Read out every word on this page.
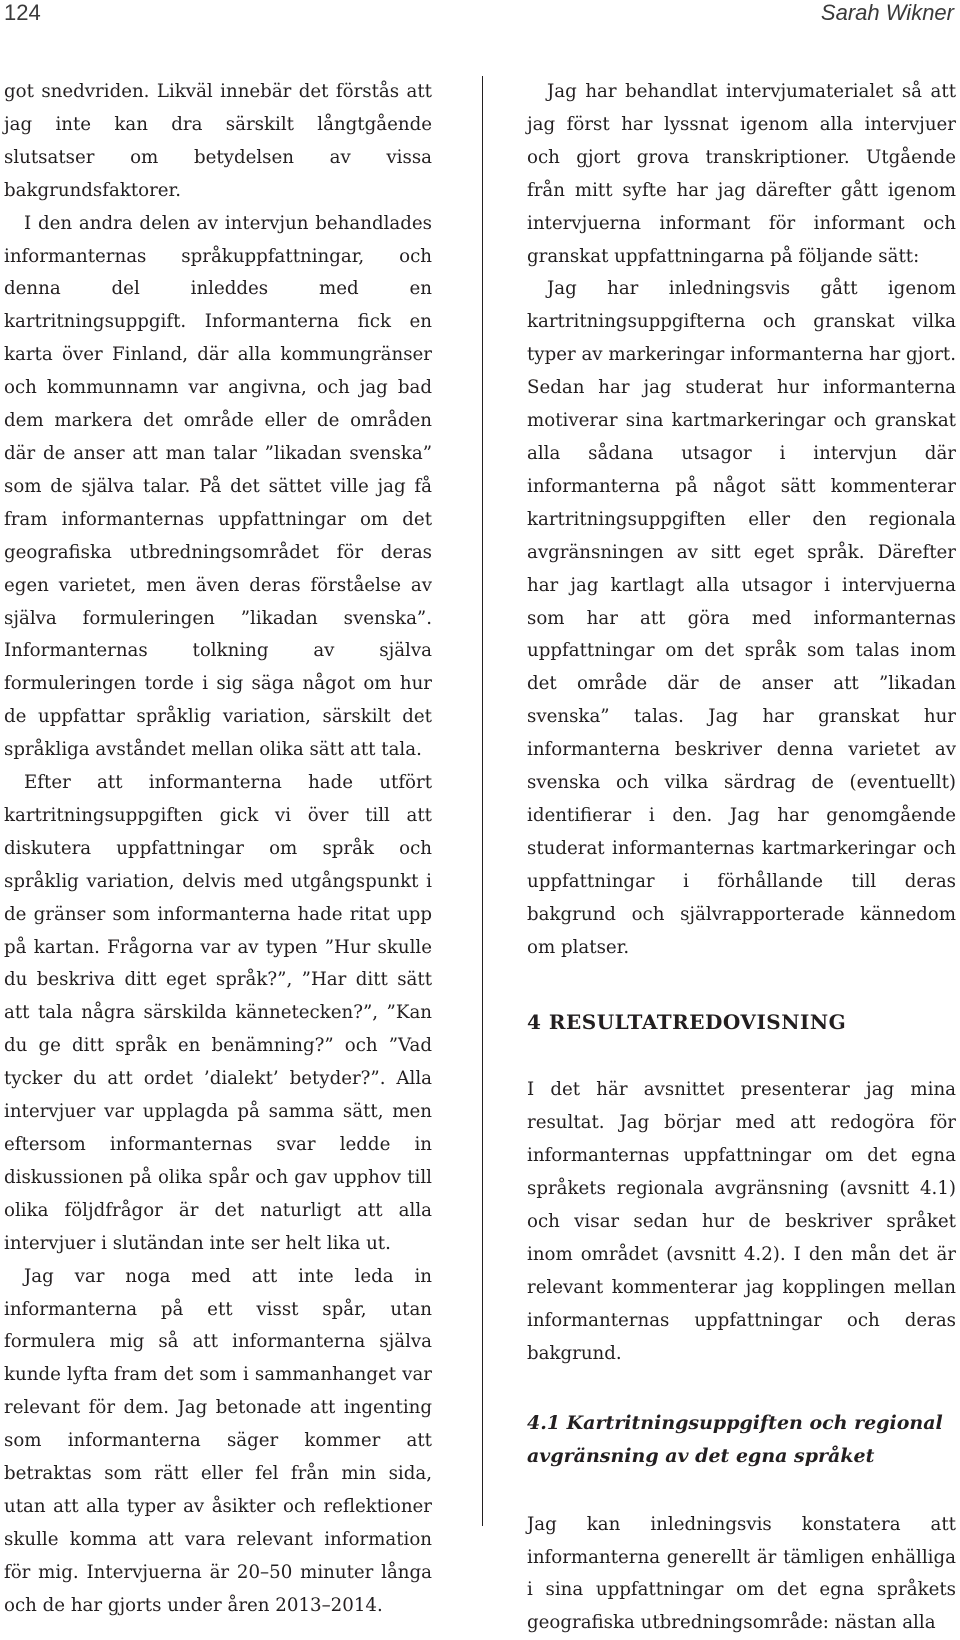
124	Sarah Wikner

got snedvriden. Likväl innebär det förstås att jag inte kan dra särskilt långtgående slutsatser om betydelsen av vissa bakgrundsfaktorer.

I den andra delen av intervjun behandlades informanternas språkuppfattningar, och denna del inleddes med en kartritningsuppgift. Informanterna fick en karta över Finland, där alla kommungränser och kommunnamn var angivna, och jag bad dem markera det område eller de områden där de anser att man talar ”likadan svenska” som de själva talar. På det sättet ville jag få fram informanternas uppfattningar om det geografiska utbredningsområdet för deras egen varietet, men även deras förståelse av själva formuleringen ”likadan svenska”. Informanternas tolkning av själva formuleringen torde i sig säga något om hur de uppfattar språklig variation, särskilt det språkliga avståndet mellan olika sätt att tala.

Efter att informanterna hade utfört kartritningsuppgiften gick vi över till att diskutera uppfattningar om språk och språklig variation, delvis med utgångspunkt i de gränser som informanterna hade ritat upp på kartan. Frågorna var av typen ”Hur skulle du beskriva ditt eget språk?”, ”Har ditt sätt att tala några särskilda kännetecken?”, ”Kan du ge ditt språk en benämning?” och ”Vad tycker du att ordet ’dialekt’ betyder?”. Alla intervjuer var upplagda på samma sätt, men eftersom informanternas svar ledde in diskussionen på olika spår och gav upphov till olika följdfrågor är det naturligt att alla intervjuer i slutändan inte ser helt lika ut.

Jag var noga med att inte leda in informanterna på ett visst spår, utan formulera mig så att informanterna själva kunde lyfta fram det som i sammanhanget var relevant för dem. Jag betonade att ingenting som informanterna säger kommer att betraktas som rätt eller fel från min sida, utan att alla typer av åsikter och reflektioner skulle komma att vara relevant information för mig. Intervjuerna är 20–50 minuter långa och de har gjorts under åren 2013–2014.

Jag har behandlat intervjumaterialet så att jag först har lyssnat igenom alla intervjuer och gjort grova transkriptioner. Utgående från mitt syfte har jag därefter gått igenom intervjuerna informant för informant och granskat uppfattningarna på följande sätt:

Jag har inledningsvis gått igenom kartritningsuppgifterna och granskat vilka typer av markeringar informanterna har gjort. Sedan har jag studerat hur informanterna motiverar sina kartmarkeringar och granskat alla sådana utsagor i intervjun där informanterna på något sätt kommenterar kartritningsuppgiften eller den regionala avgränsningen av sitt eget språk. Därefter har jag kartlagt alla utsagor i intervjuerna som har att göra med informanternas uppfattningar om det språk som talas inom det område där de anser att ”likadan svenska” talas. Jag har granskat hur informanterna beskriver denna varietet av svenska och vilka särdrag de (eventuellt) identifierar i den. Jag har genomgående studerat informanternas kartmarkeringar och uppfattningar i förhållande till deras bakgrund och självrapporterade kännedom om platser.

4 RESULTATREDOVISNING

I det här avsnittet presenterar jag mina resultat. Jag börjar med att redogöra för informanternas uppfattningar om det egna språkets regionala avgränsning (avsnitt 4.1) och visar sedan hur de beskriver språket inom området (avsnitt 4.2). I den mån det är relevant kommenterar jag kopplingen mellan informanternas uppfattningar och deras bakgrund.

4.1 Kartritningsuppgiften och regional avgränsning av det egna språket

Jag kan inledningsvis konstatera att informanterna generellt är tämligen enhälliga i sina uppfattningar om det egna språkets geografiska utbredningsområde: nästan alla
